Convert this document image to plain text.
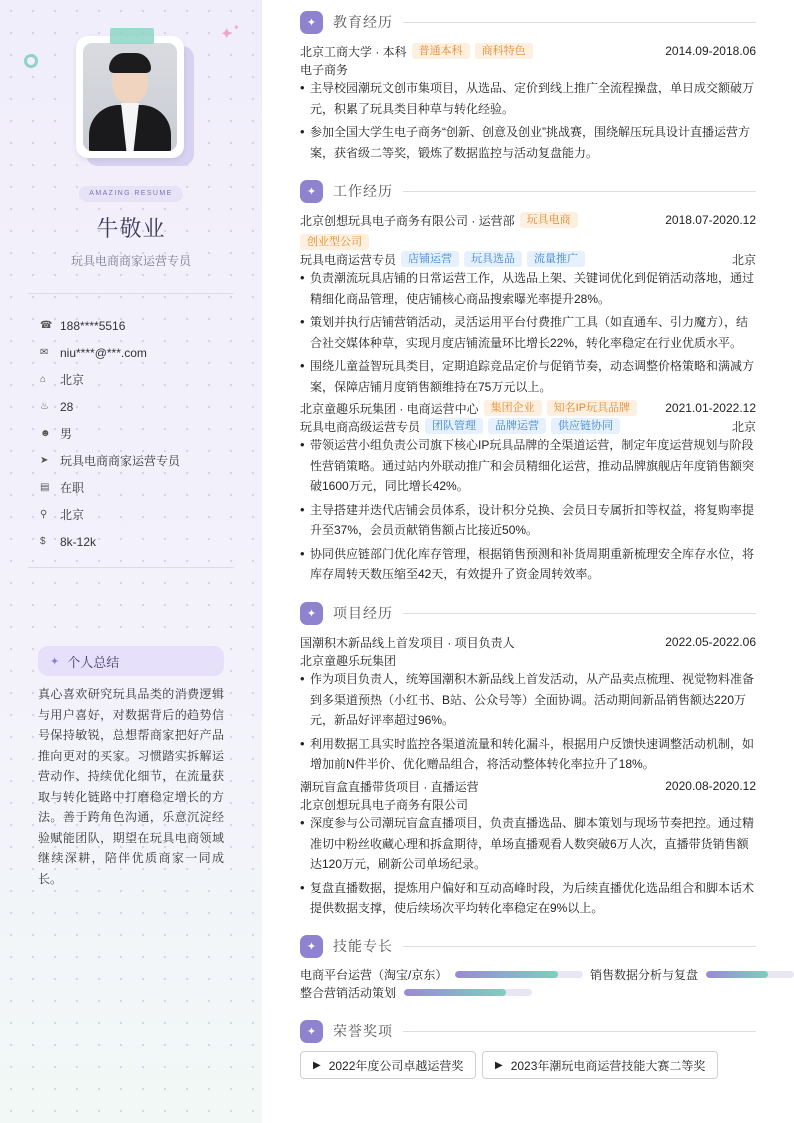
✦ ✦
AMAZING RESUME
牛敬业
玩具电商商家运营专员
☎ 188****5516
✉ niu****@***.com
⌂	北京
♨ 28
☻ 男
➤ 玩具电商商家运营专员
▤ 在职
⚲	北京
$	8k-12k
✦ 个人总结
真心喜欢研究玩具品类的消费逻辑与用户喜好，对数据背后的趋势信号保持敏锐，总想帮商家把好产品推向更对的买家。习惯踏实拆解运营动作、持续优化细节，在流量获取与转化链路中打磨稳定增长的方法。善于跨角色沟通，乐意沉淀经验赋能团队，期望在玩具电商领域继续深耕，陪伴优质商家一同成长。
✦	教育经历
北京工商大学 · 本科	普通本科	商科特色	2014.09-2018.06
电子商务
• 主导校园潮玩文创市集项目，从选品、定价到线上推广全流程操盘，单日成交额破万元，积累了玩具类目种草与转化经验。
• 参加全国大学生电子商务“创新、创意及创业”挑战赛，围绕解压玩具设计直播运营方案，获省级二等奖，锻炼了数据监控与活动复盘能力。
✦	工作经历
北京创想玩具电子商务有限公司 · 运营部	玩具电商	2018.07-2020.12
创业型公司
玩具电商运营专员	店铺运营	玩具选品	流量推广	北京
• 负责潮流玩具店铺的日常运营工作，从选品上架、关键词优化到促销活动落地，通过精细化商品管理，使店铺核心商品搜索曝光率提升28%。
• 策划并执行店铺营销活动，灵活运用平台付费推广工具（如直通车、引力魔方），结合社交媒体种草，实现月度店铺流量环比增长22%，转化率稳定在行业优质水平。
• 围绕儿童益智玩具类目，定期追踪竞品定价与促销节奏，动态调整价格策略和满减方案，保障店铺月度销售额维持在75万元以上。
北京童趣乐玩集团 · 电商运营中心	集团企业	知名IP玩具品牌	2021.01-2022.12
玩具电商高级运营专员	团队管理	品牌运营	供应链协同	北京
• 带领运营小组负责公司旗下核心IP玩具品牌的全渠道运营，制定年度运营规划与阶段性营销策略。通过站内外联动推广和会员精细化运营，推动品牌旗舰店年度销售额突破1600万元，同比增长42%。
• 主导搭建并迭代店铺会员体系，设计积分兑换、会员日专属折扣等权益，将复购率提升至37%，会员贡献销售额占比接近50%。
• 协同供应链部门优化库存管理，根据销售预测和补货周期重新梳理安全库存水位，将库存周转天数压缩至42天，有效提升了资金周转效率。
✦	项目经历
国潮积木新品线上首发项目 · 项目负责人	2022.05-2022.06
北京童趣乐玩集团
• 作为项目负责人，统筹国潮积木新品线上首发活动，从产品卖点梳理、视觉物料准备到多渠道预热（小红书、B站、公众号等）全面协调。活动期间新品销售额达220万元，新品好评率超过96%。
• 利用数据工具实时监控各渠道流量和转化漏斗，根据用户反馈快速调整活动机制，如增加前N件半价、优化赠品组合，将活动整体转化率拉升了18%。
潮玩盲盒直播带货项目 · 直播运营	2020.08-2020.12
北京创想玩具电子商务有限公司
• 深度参与公司潮玩盲盒直播项目，负责直播选品、脚本策划与现场节奏把控。通过精准切中粉丝收藏心理和拆盒期待，单场直播观看人数突破6万人次，直播带货销售额达120万元，刷新公司单场纪录。
• 复盘直播数据，提炼用户偏好和互动高峰时段，为后续直播优化选品组合和脚本话术提供数据支撑，使后续场次平均转化率稳定在9%以上。
✦	技能专长
电商平台运营（淘宝/京东）	销售数据分析与复盘
整合营销活动策划
✦	荣誉奖项
▶ 2022年度公司卓越运营奖	▶ 2023年潮玩电商运营技能大赛二等奖
